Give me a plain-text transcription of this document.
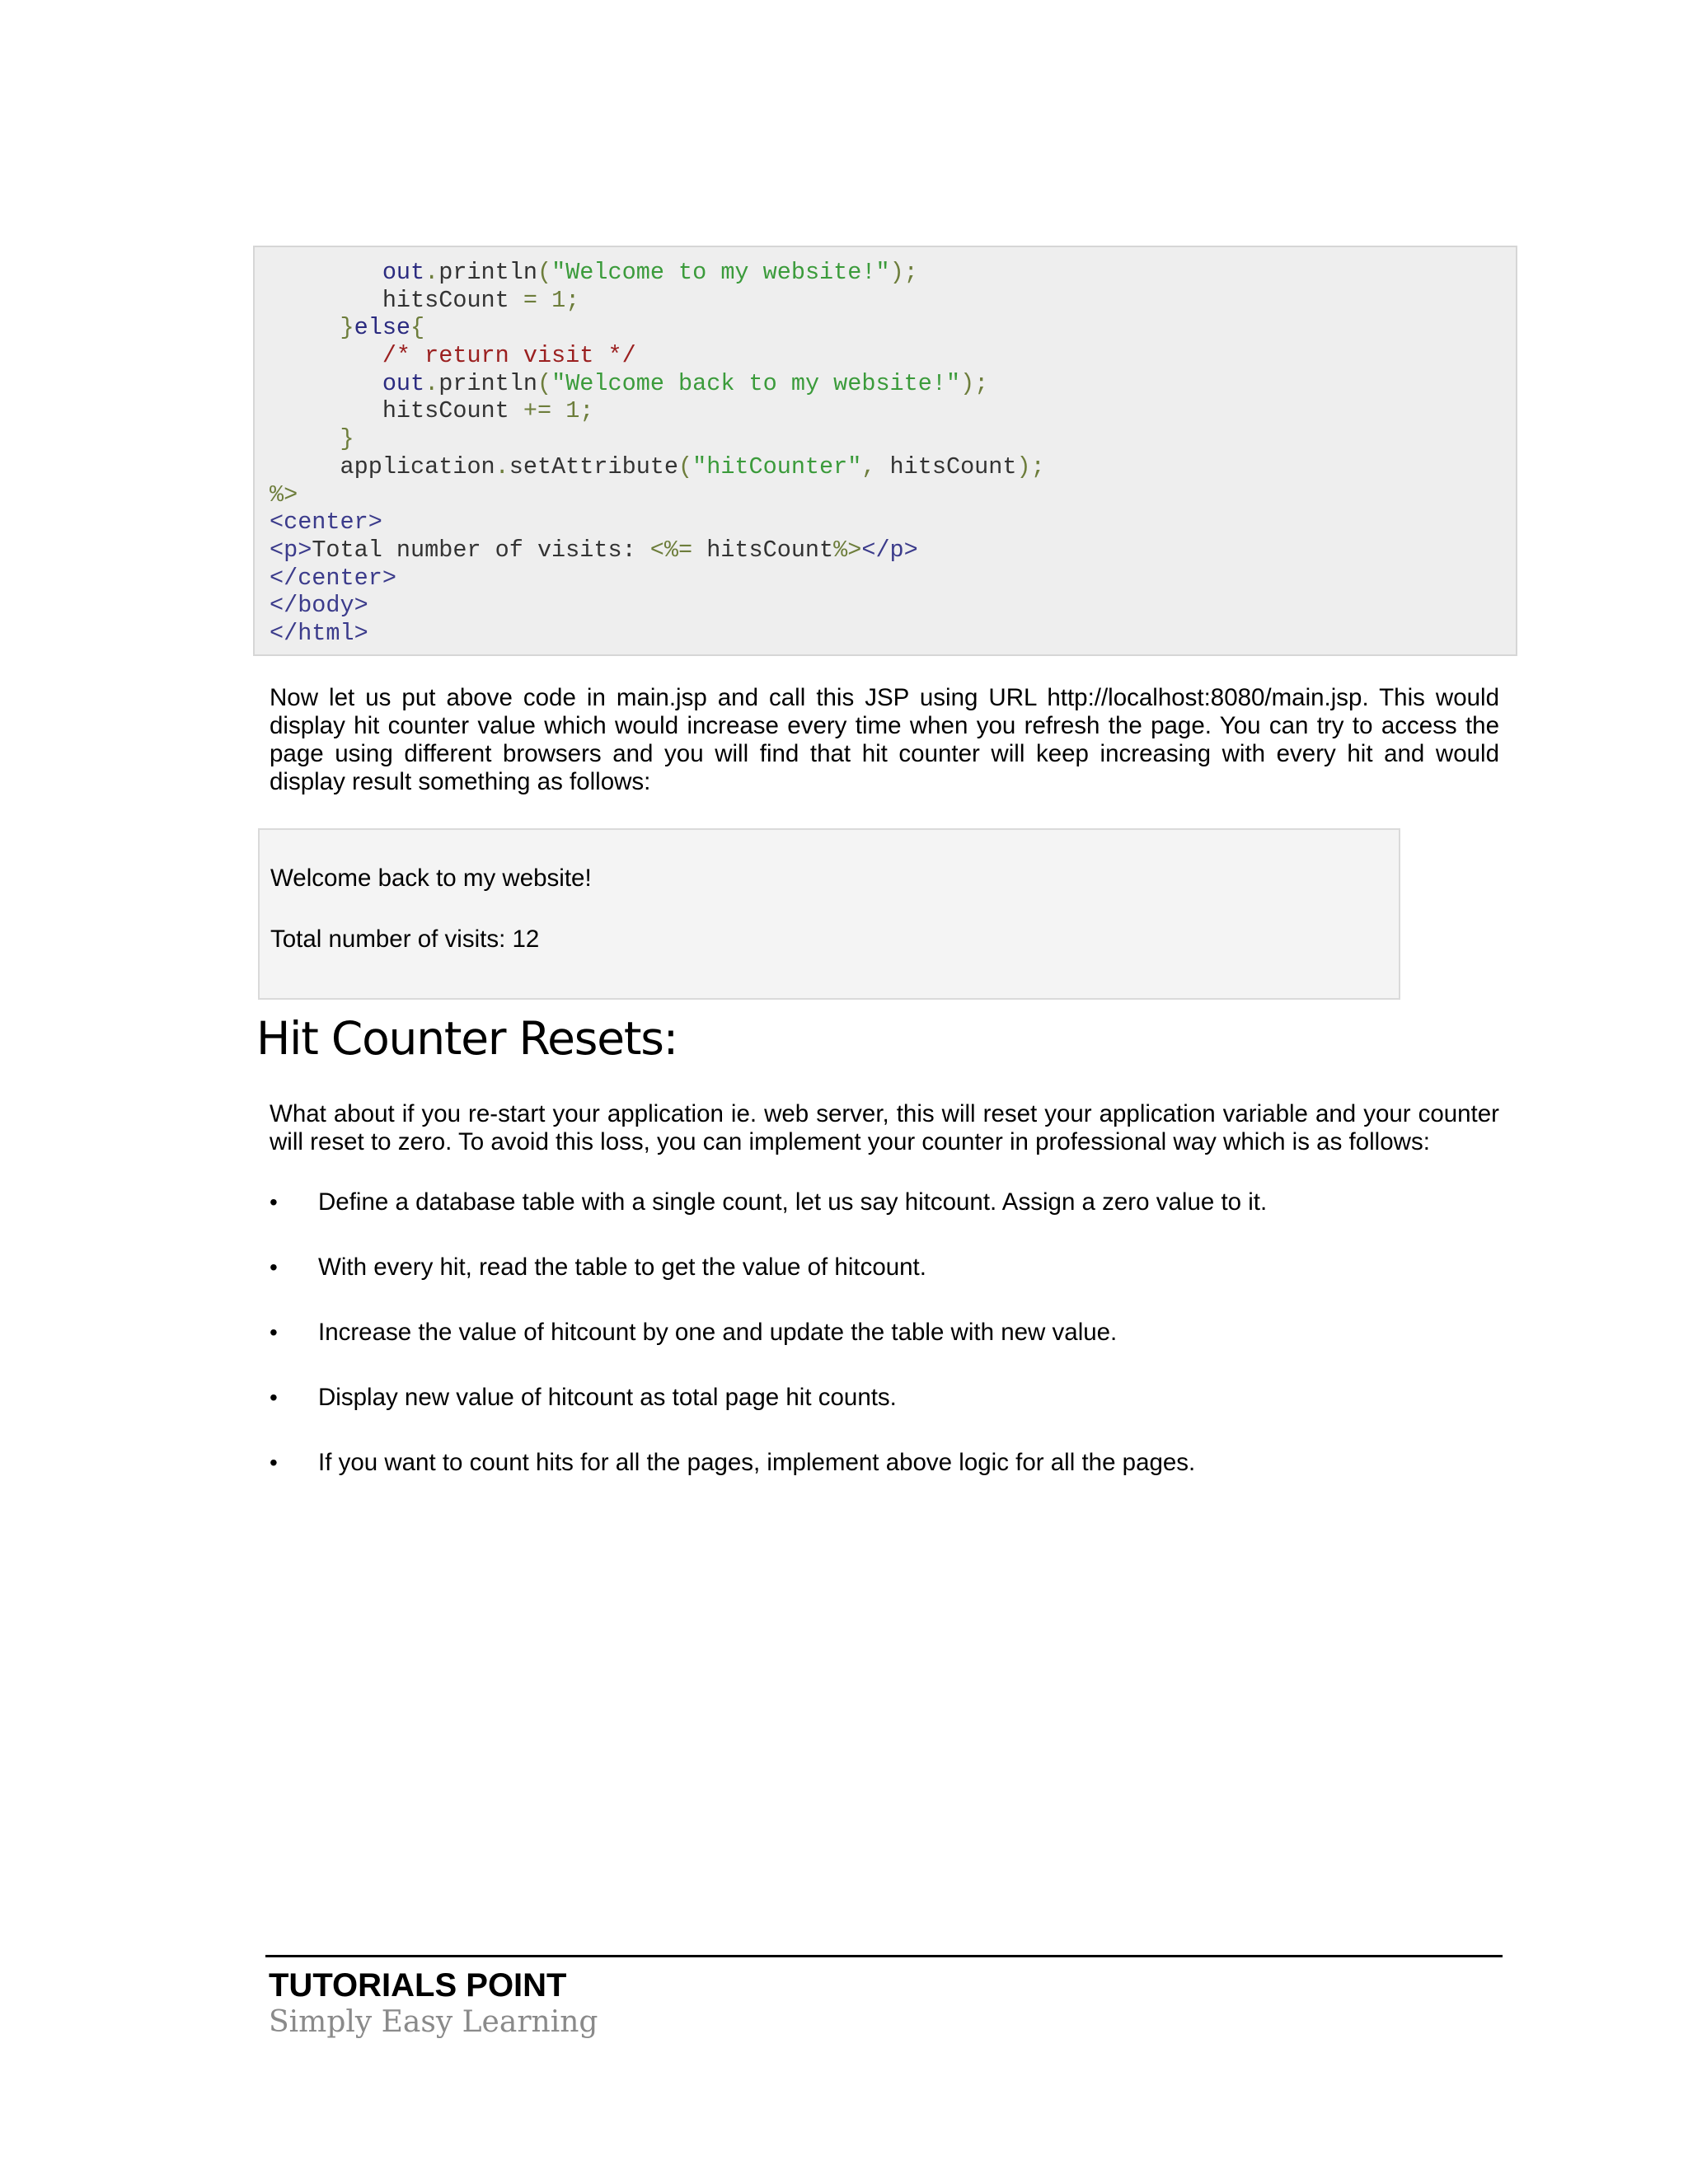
out.println("Welcome to my website!");
hitsCount = 1;
}else{
/* return visit */
out.println("Welcome back to my website!");
hitsCount += 1;
}
application.setAttribute("hitCounter", hitsCount);
%>
<center>
<p>Total number of visits: <%= hitsCount%></p>
</center>
</body>
</html>
Now let us put above code in main.jsp and call this JSP using URL http://localhost:8080/main.jsp. This would display hit counter value which would increase every time when you refresh the page. You can try to access the page using different browsers and you will find that hit counter will keep increasing with every hit and would display result something as follows:
Welcome back to my website!
Total number of visits: 12
Hit Counter Resets:
What about if you re-start your application ie. web server, this will reset your application variable and your counter will reset to zero. To avoid this loss, you can implement your counter in professional way which is as follows:
• Define a database table with a single count, let us say hitcount. Assign a zero value to it.
• With every hit, read the table to get the value of hitcount.
• Increase the value of hitcount by one and update the table with new value.
• Display new value of hitcount as total page hit counts.
• If you want to count hits for all the pages, implement above logic for all the pages.
TUTORIALS POINT
Simply Easy Learning
